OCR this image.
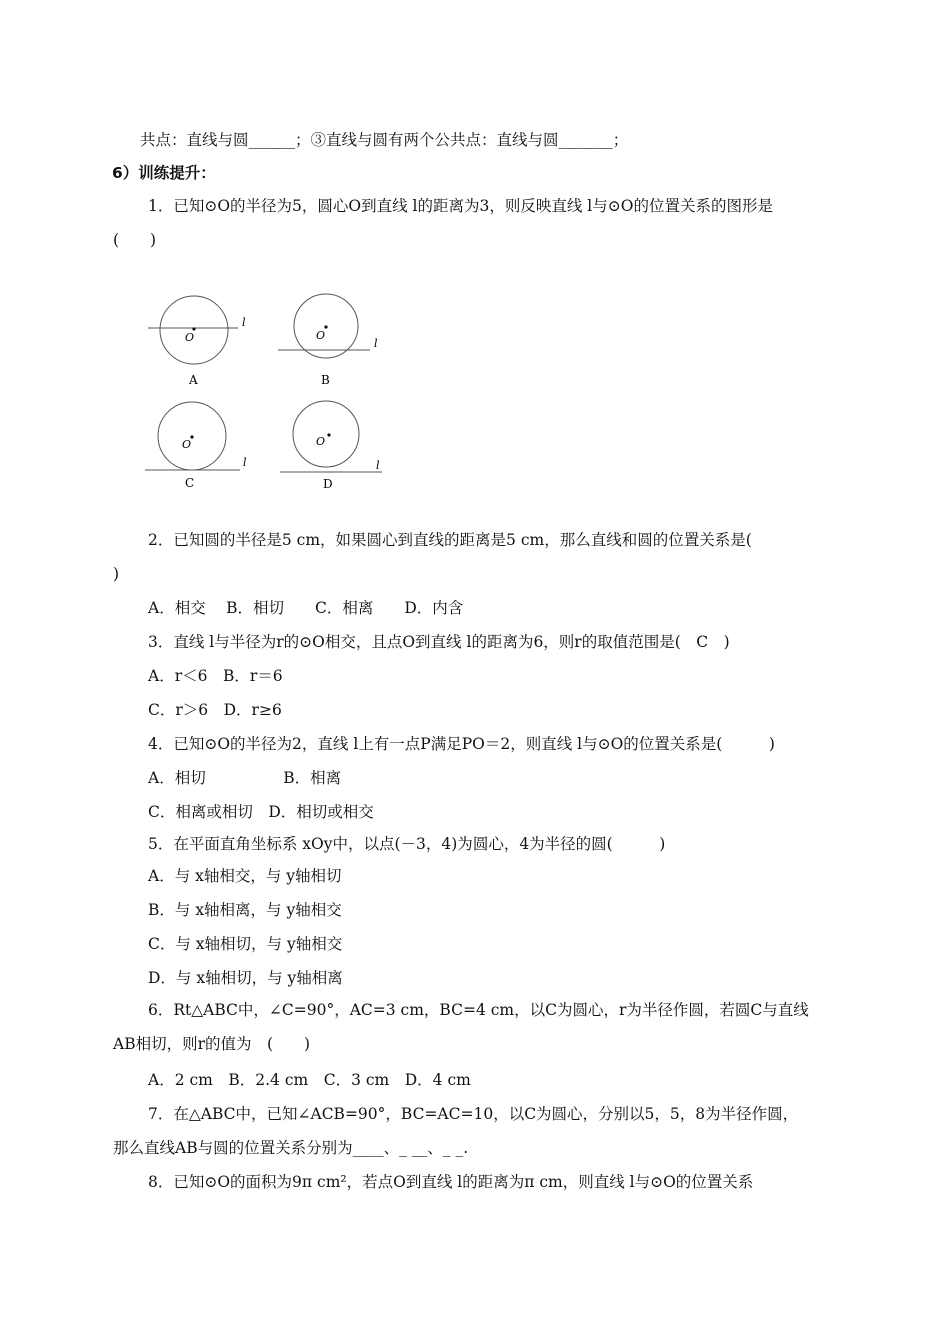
共点：直线与圆______；③直线与圆有两个公共点：直线与圆_______；
6）训练提升：
1．已知⊙O的半径为5，圆心O到直线 l的距离为3，则反映直线 l与⊙O的位置关系的图形是
(　　)
2．已知圆的半径是5 cm，如果圆心到直线的距离是5 cm，那么直线和圆的位置关系是(
)
A．相交　 B．相切　　C．相离　　D．内含
3．直线 l与半径为r的⊙O相交，且点O到直线 l的距离为6，则r的取值范围是(　C　)
A．r＜6　B．r＝6
C．r＞6　D．r≥6
4．已知⊙O的半径为2，直线 l上有一点P满足PO＝2，则直线 l与⊙O的位置关系是(　　　)
A．相切　　　　　B．相离
C．相离或相切　D．相切或相交
5．在平面直角坐标系 xOy中，以点(－3，4)为圆心，4为半径的圆(　　　)
A．与 x轴相交，与 y轴相切
B．与 x轴相离，与 y轴相交
C．与 x轴相切，与 y轴相交
D．与 x轴相切，与 y轴相离
6．Rt△ABC中，∠C=90°，AC=3 cm，BC=4 cm，以C为圆心，r为半径作圆，若圆C与直线
AB相切，则r的值为　(　　)
A．2 cm　B．2.4 cm　C．3 cm　D．4 cm
7．在△ABC中，已知∠ACB=90°，BC=AC=10，以C为圆心，分别以5，5，8为半径作圆，
那么直线AB与圆的位置关系分别为____、_ __、_ _.
8．已知⊙O的面积为9π cm²，若点O到直线 l的距离为π cm，则直线 l与⊙O的位置关系
O
l
A
O
l
B
O
l
C
O
l
D
